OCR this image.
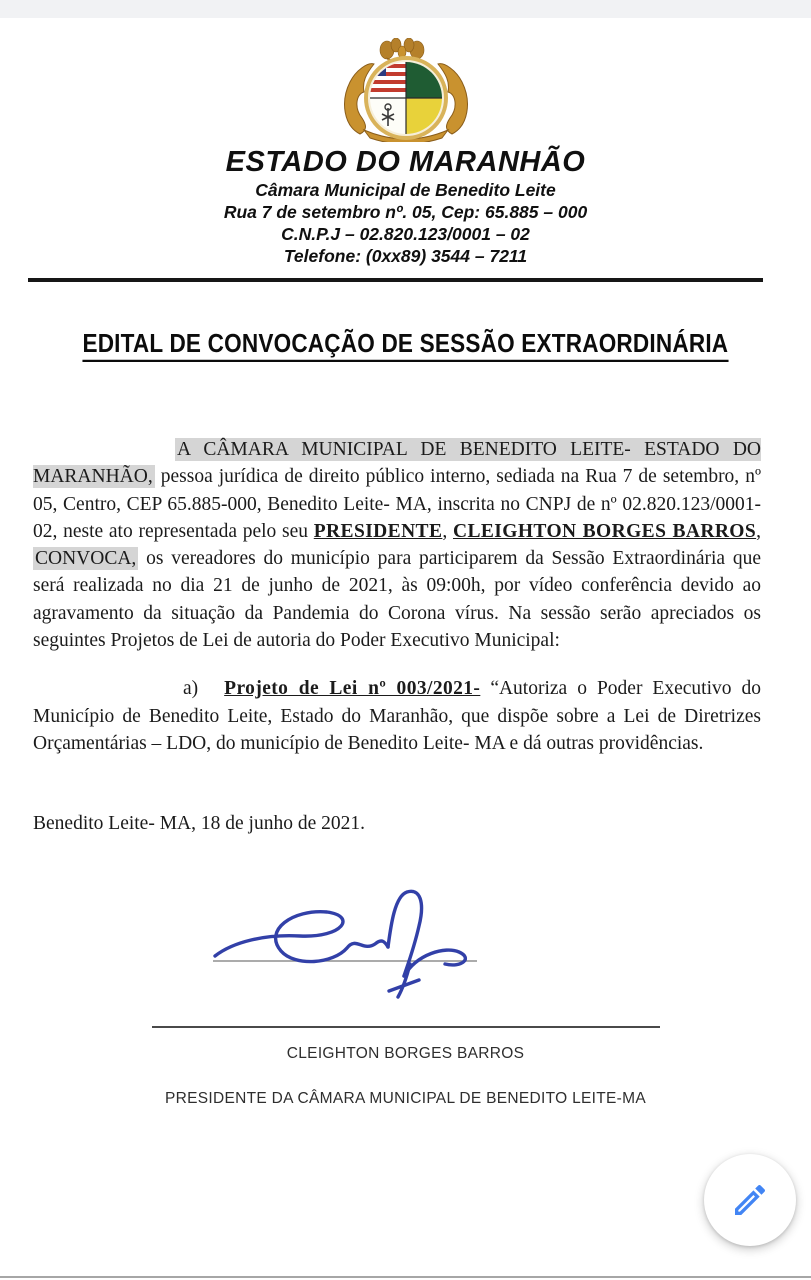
ESTADO DO MARANHÃO
Câmara Municipal de Benedito Leite
Rua 7 de setembro nº. 05, Cep: 65.885 – 000
C.N.P.J – 02.820.123/0001 – 02
Telefone: (0xx89) 3544 – 7211
EDITAL DE CONVOCAÇÃO DE SESSÃO EXTRAORDINÁRIA

A CÂMARA MUNICIPAL DE BENEDITO LEITE- ESTADO DO MARANHÃO, pessoa jurídica de direito público interno, sediada na Rua 7 de setembro, nº 05, Centro, CEP 65.885-000, Benedito Leite- MA, inscrita no CNPJ de nº 02.820.123/0001-02, neste ato representada pelo seu PRESIDENTE, CLEIGHTON BORGES BARROS, CONVOCA, os vereadores do município para participarem da Sessão Extraordinária que será realizada no dia 21 de junho de 2021, às 09:00h, por vídeo conferência devido ao agravamento da situação da Pandemia do Corona vírus. Na sessão serão apreciados os seguintes Projetos de Lei de autoria do Poder Executivo Municipal:

a) Projeto de Lei nº 003/2021- “Autoriza o Poder Executivo do Município de Benedito Leite, Estado do Maranhão, que dispõe sobre a Lei de Diretrizes Orçamentárias – LDO, do município de Benedito Leite- MA e dá outras providências.

Benedito Leite- MA, 18 de junho de 2021.

CLEIGHTON BORGES BARROS
PRESIDENTE DA CÂMARA MUNICIPAL DE BENEDITO LEITE-MA
